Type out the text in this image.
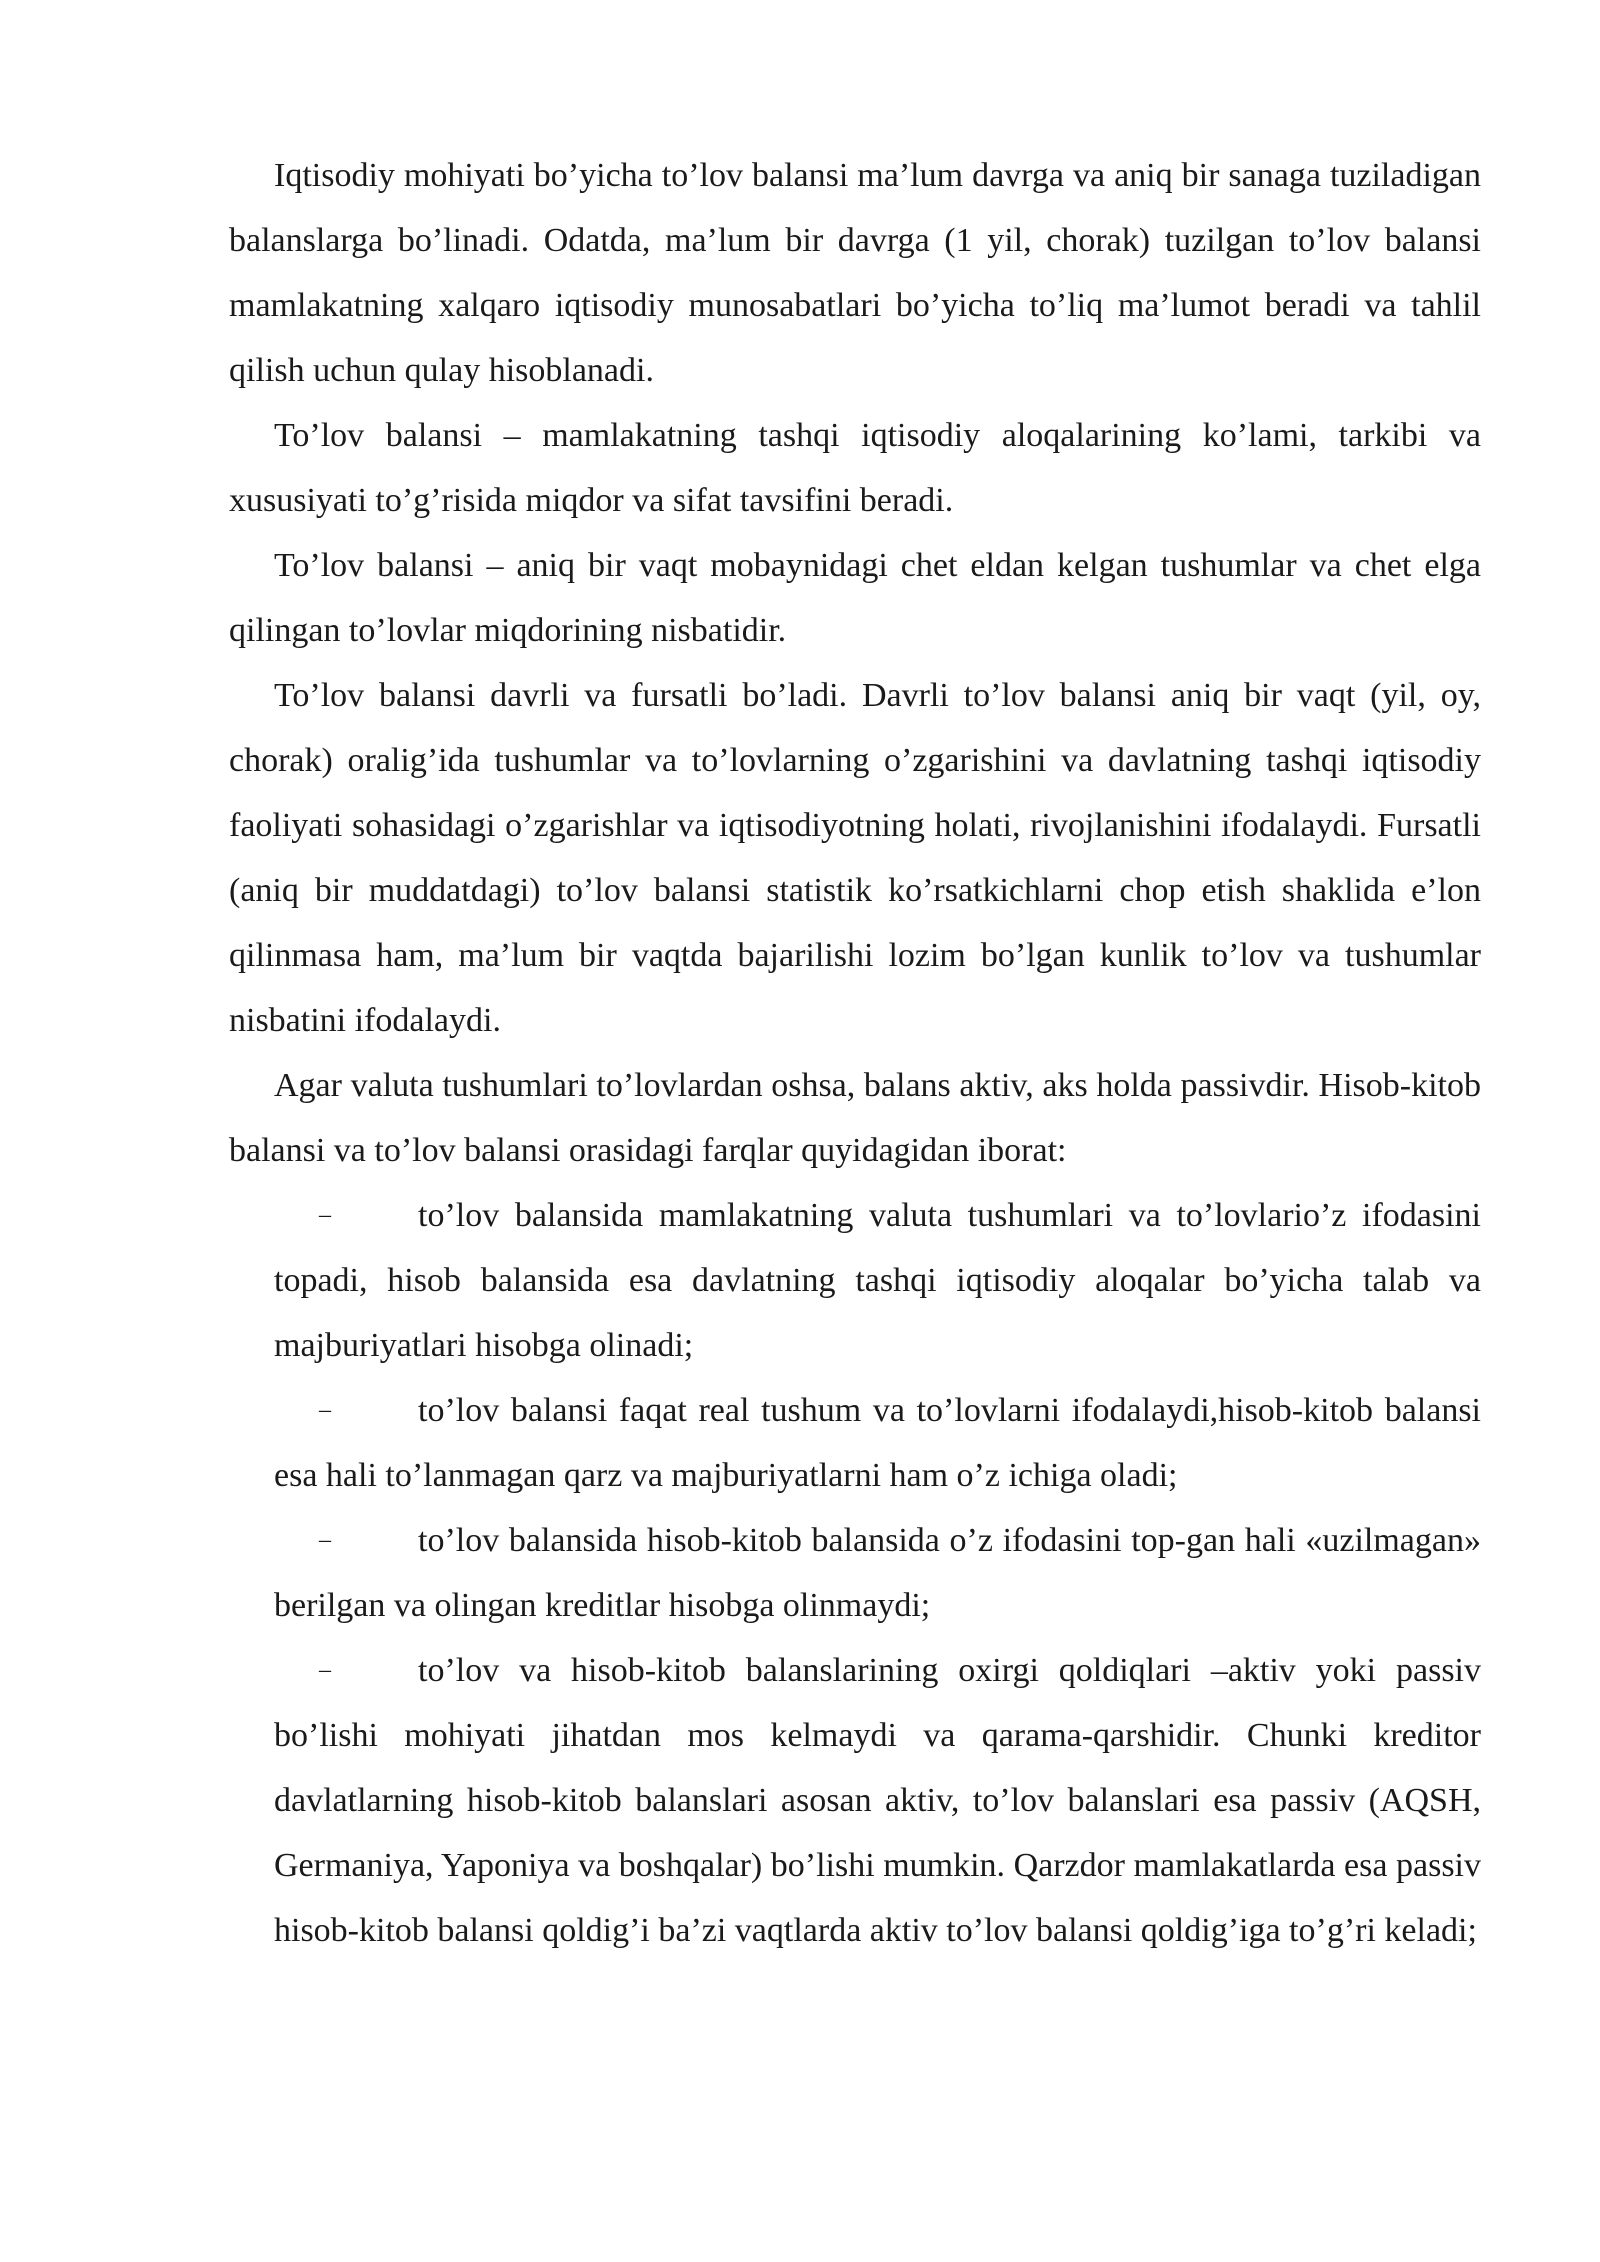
Iqtisodiy mohiyati bo’yicha to’lov balansi ma’lum davrga va aniq bir sanaga tuziladigan balanslarga bo’linadi. Odatda, ma’lum bir davrga (1 yil, chorak) tuzilgan to’lov balansi mamlakatning xalqaro iqtisodiy munosabatlari bo’yicha to’liq ma’lumot beradi va tahlil qilish uchun qulay hisoblanadi.

To’lov balansi – mamlakatning tashqi iqtisodiy aloqalarining ko’lami, tarkibi va xususiyati to’g’risida miqdor va sifat tavsifini beradi.

To’lov balansi – aniq bir vaqt mobaynidagi chet eldan kelgan tushumlar va chet elga qilingan to’lovlar miqdorining nisbatidir.

To’lov balansi davrli va fursatli bo’ladi. Davrli to’lov balansi aniq bir vaqt (yil, oy, chorak) oralig’ida tushumlar va to’lovlarning o’zgarishini va davlatning tashqi iqtisodiy faoliyati sohasidagi o’zgarishlar va iqtisodiyotning holati, rivojlanishini ifodalaydi. Fursatli (aniq bir muddatdagi) to’lov balansi statistik ko’rsatkichlarni chop etish shaklida e’lon qilinmasa ham, ma’lum bir vaqtda bajarilishi lozim bo’lgan kunlik to’lov va tushumlar nisbatini ifodalaydi.

Agar valuta tushumlari to’lovlardan oshsa, balans aktiv, aks holda passivdir. Hisob-kitob balansi va to’lov balansi orasidagi farqlar quyidagidan iborat:

–	to’lov balansida mamlakatning valuta tushumlari va to’lovlario’z ifodasini topadi, hisob balansida esa davlatning tashqi iqtisodiy aloqalar bo’yicha talab va majburiyatlari hisobga olinadi;
–	to’lov balansi faqat real tushum va to’lovlarni ifodalaydi,hisob-kitob balansi esa hali to’lanmagan qarz va majburiyatlarni ham o’z ichiga oladi;
–	to’lov balansida hisob-kitob balansida o’z ifodasini top-gan hali «uzilmagan» berilgan va olingan kreditlar hisobga olinmaydi;
–	to’lov va hisob-kitob balanslarining oxirgi qoldiqlari –aktiv yoki passiv bo’lishi mohiyati jihatdan mos kelmaydi va qarama-qarshidir. Chunki kreditor davlatlarning hisob-kitob balanslari asosan aktiv, to’lov balanslari esa passiv (AQSH, Germaniya, Yaponiya va boshqalar) bo’lishi mumkin. Qarzdor mamlakatlarda esa passiv hisob-kitob balansi qoldig’i ba’zi vaqtlarda aktiv to’lov balansi qoldig’iga to’g’ri keladi;
